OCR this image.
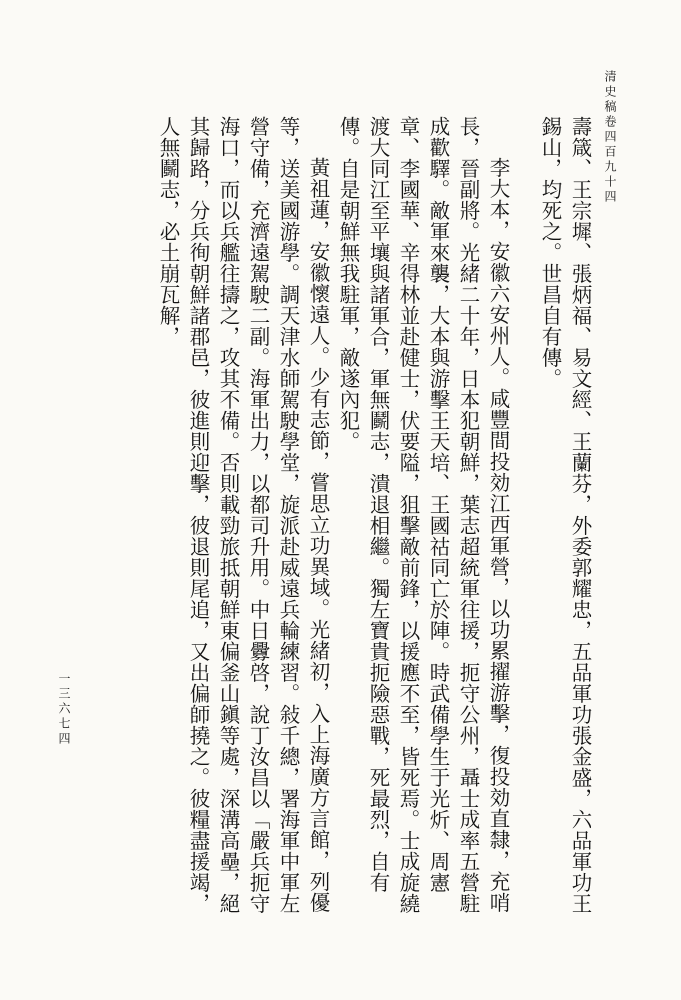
清史稿卷四百九十四
一三六七四	壽箴、王宗墀、張炳福、易文經、王蘭芬，外委郭耀忠，五品軍功張金盛，六品軍功王錫山，均死之。世昌自有傳。

李大本，安徽六安州人。咸豐間投効江西軍營，以功累擢游擊，復投効直隸，充哨長，晉副將。光緒二十年，日本犯朝鮮，葉志超統軍往援，扼守公州，聶士成率五營駐成歡驛。敵軍來襲，大本與游擊王天培、王國祜同亡於陣。時武備學生于光炘、周憲章、李國華、辛得林並赴健士，伏要隘，狙擊敵前鋒，以援應不至，皆死焉。士成旋繞渡大同江至平壤與諸軍合，軍無鬬志，潰退相繼。獨左寶貴扼險惡戰，死最烈，自有傳。自是朝鮮無我駐軍，敵遂內犯。

黃祖蓮，安徽懷遠人。少有志節，嘗思立功異域。光緒初，入上海廣方言館，列優等，送美國游學。調天津水師駕駛學堂，旋派赴威遠兵輪練習。敍千總，署海軍中軍左營守備，充濟遠駕駛二副。海軍出力，以都司升用。中日釁啓，說丁汝昌以「嚴兵扼守海口，而以兵艦往擣之，攻其不備。否則載勁旅抵朝鮮東偏釜山鎭等處，深溝高壘，絕其歸路，分兵徇朝鮮諸郡邑，彼進則迎擊，彼退則尾追，又出偏師撓之。彼糧盡援竭，人無鬬志，必土崩瓦解，
